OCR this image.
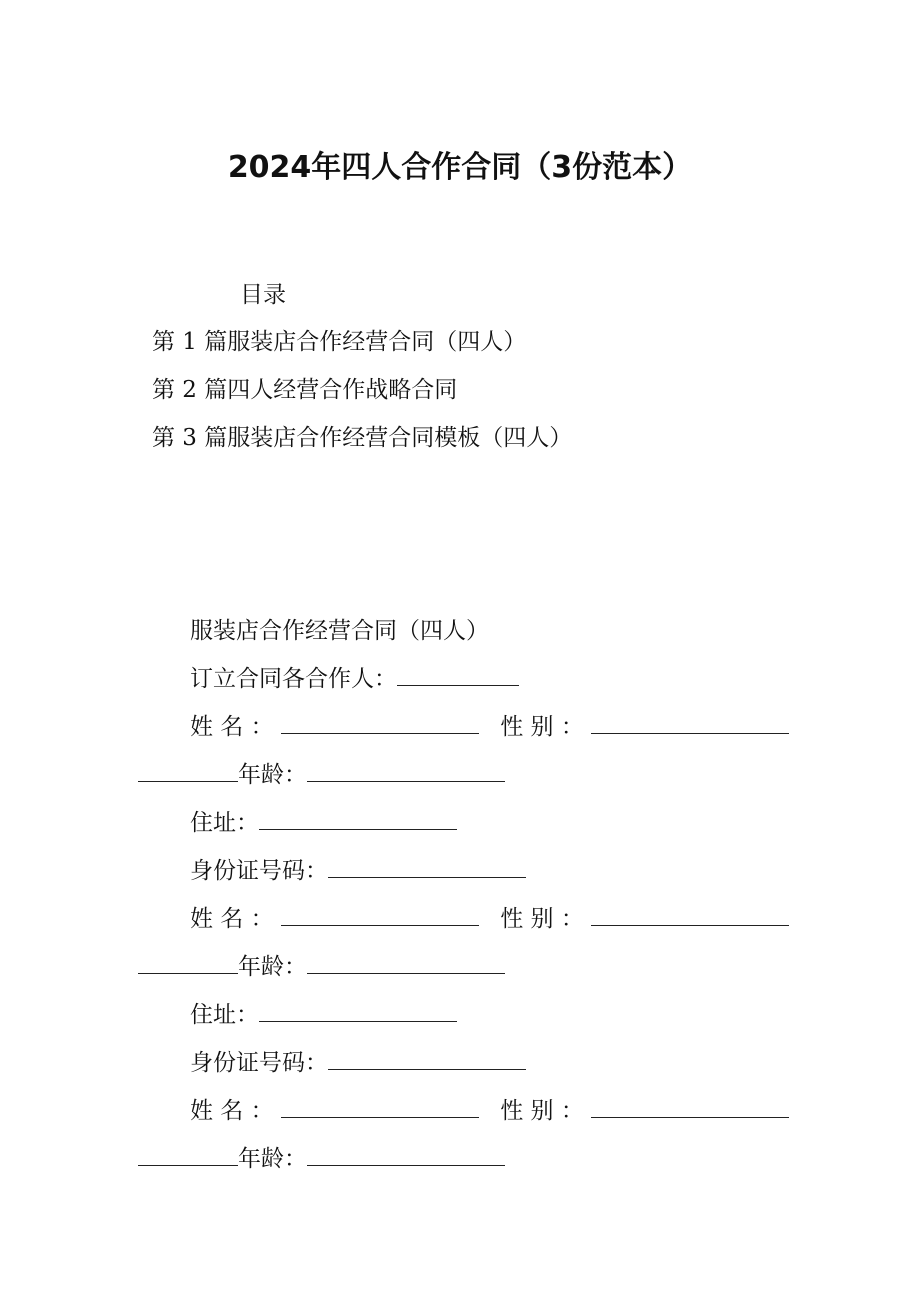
2024年四人合作合同（3份范本）
目录
第 1 篇服装店合作经营合同（四人）
第 2 篇四人经营合作战略合同
第 3 篇服装店合作经营合同模板（四人）
服装店合作经营合同（四人）
订立合同各合作人：
姓 名 ：	性 别 ：
年龄：
住址：
身份证号码：
姓 名 ：	性 别 ：
年龄：
住址：
身份证号码：
姓 名 ：	性 别 ：
年龄：
